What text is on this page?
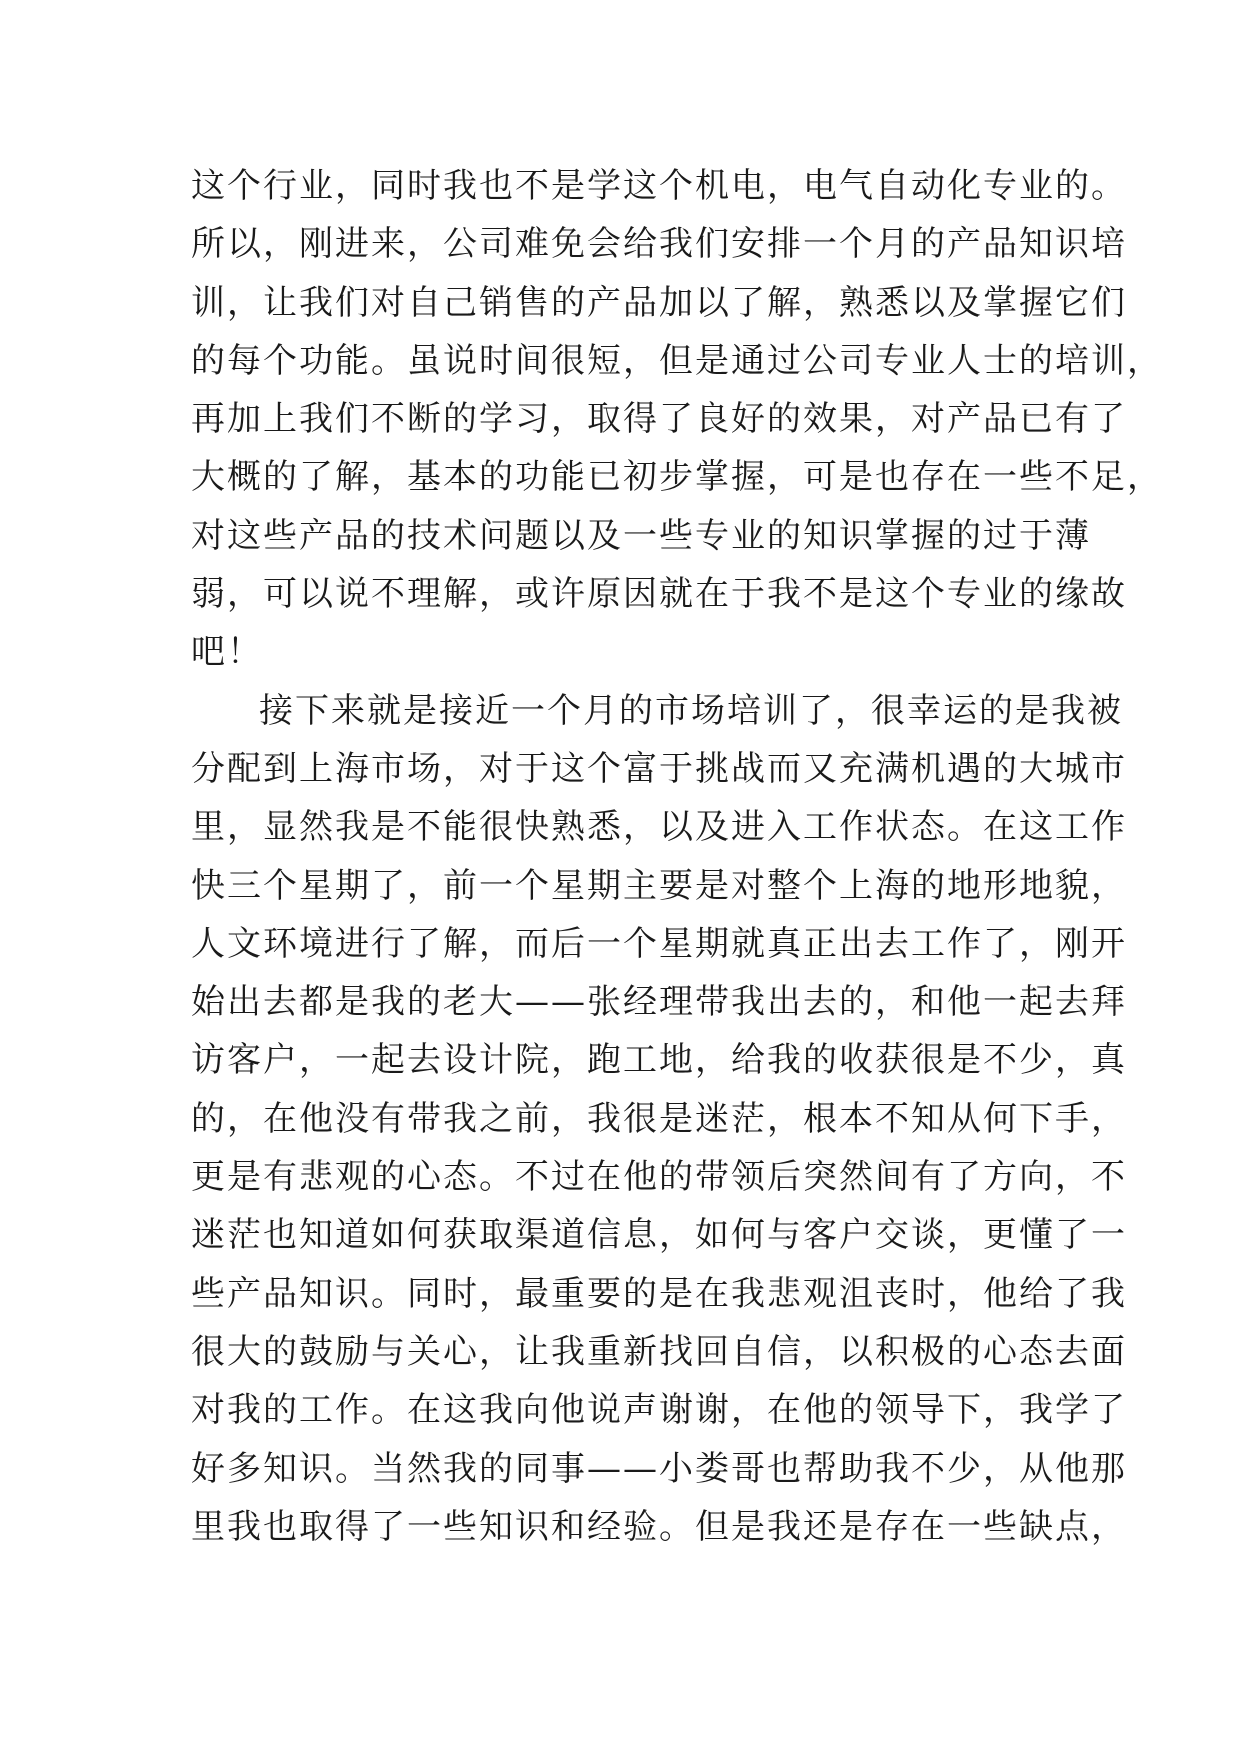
这个行业，同时我也不是学这个机电，电气自动化专业的。
所以，刚进来，公司难免会给我们安排一个月的产品知识培
训，让我们对自己销售的产品加以了解，熟悉以及掌握它们
的每个功能。虽说时间很短，但是通过公司专业人士的培训，
再加上我们不断的学习，取得了良好的效果，对产品已有了
大概的了解，基本的功能已初步掌握，可是也存在一些不足，
对这些产品的技术问题以及一些专业的知识掌握的过于薄
弱，可以说不理解，或许原因就在于我不是这个专业的缘故
吧！
接下来就是接近一个月的市场培训了，很幸运的是我被
分配到上海市场，对于这个富于挑战而又充满机遇的大城市
里，显然我是不能很快熟悉，以及进入工作状态。在这工作
快三个星期了，前一个星期主要是对整个上海的地形地貌，
人文环境进行了解，而后一个星期就真正出去工作了，刚开
始出去都是我的老大——张经理带我出去的，和他一起去拜
访客户，一起去设计院，跑工地，给我的收获很是不少，真
的，在他没有带我之前，我很是迷茫，根本不知从何下手，
更是有悲观的心态。不过在他的带领后突然间有了方向，不
迷茫也知道如何获取渠道信息，如何与客户交谈，更懂了一
些产品知识。同时，最重要的是在我悲观沮丧时，他给了我
很大的鼓励与关心，让我重新找回自信，以积极的心态去面
对我的工作。在这我向他说声谢谢，在他的领导下，我学了
好多知识。当然我的同事——小娄哥也帮助我不少，从他那
里我也取得了一些知识和经验。但是我还是存在一些缺点，
